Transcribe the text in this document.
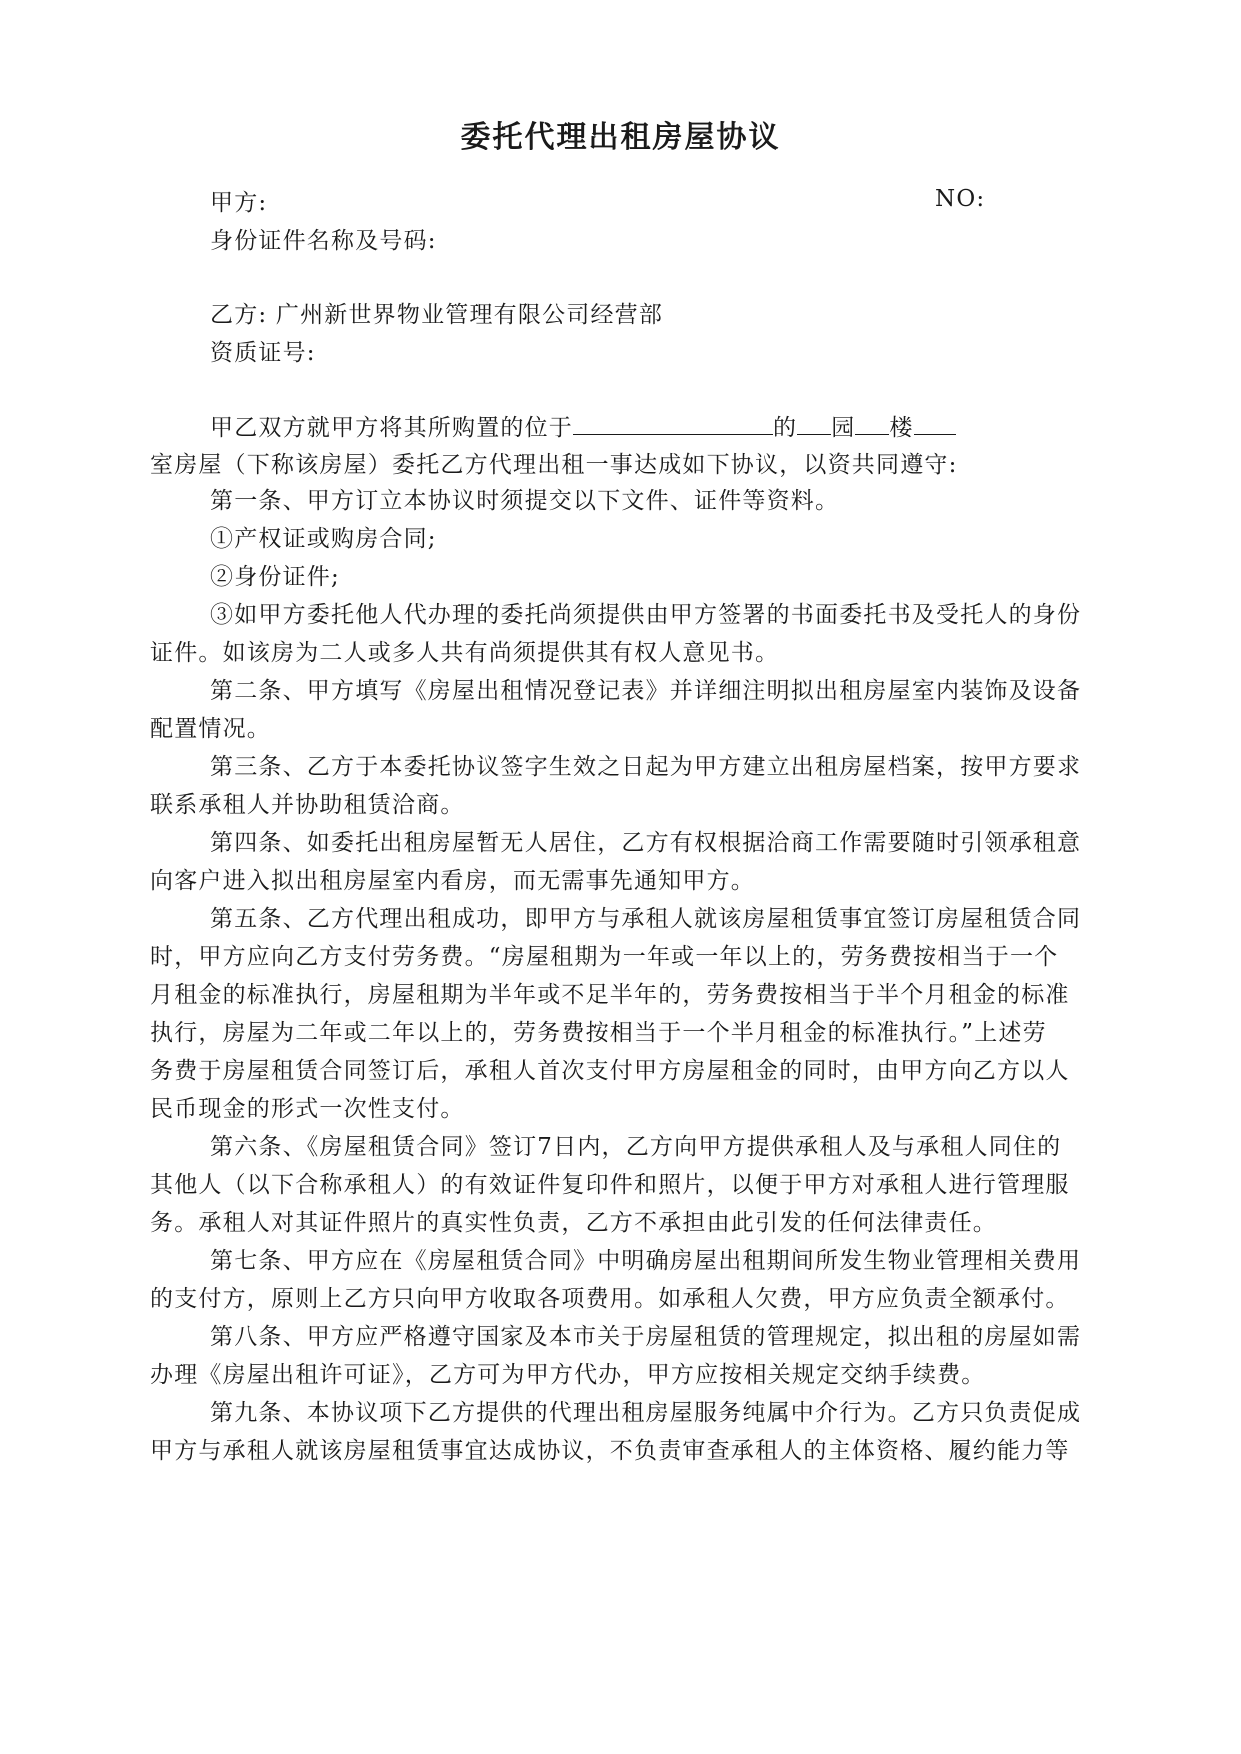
委托代理出租房屋协议
甲方:	NO:
身份证件名称及号码:
乙方: 广州新世界物业管理有限公司经营部
资质证号:
甲乙双方就甲方将其所购置的位于	的 园 楼
室房屋（下称该房屋）委托乙方代理出租一事达成如下协议，以资共同遵守:
第一条、甲方订立本协议时须提交以下文件、证件等资料。
①产权证或购房合同;
②身份证件;
③如甲方委托他人代办理的委托尚须提供由甲方签署的书面委托书及受托人的身份
证件。如该房为二人或多人共有尚须提供其有权人意见书。
第二条、甲方填写《房屋出租情况登记表》并详细注明拟出租房屋室内装饰及设备
配置情况。
第三条、乙方于本委托协议签字生效之日起为甲方建立出租房屋档案，按甲方要求
联系承租人并协助租赁洽商。
第四条、如委托出租房屋暂无人居住，乙方有权根据洽商工作需要随时引领承租意
向客户进入拟出租房屋室内看房，而无需事先通知甲方。
第五条、乙方代理出租成功，即甲方与承租人就该房屋租赁事宜签订房屋租赁合同
时，甲方应向乙方支付劳务费。“房屋租期为一年或一年以上的，劳务费按相当于一个
月租金的标准执行，房屋租期为半年或不足半年的，劳务费按相当于半个月租金的标准
执行，房屋为二年或二年以上的，劳务费按相当于一个半月租金的标准执行。”上述劳
务费于房屋租赁合同签订后，承租人首次支付甲方房屋租金的同时，由甲方向乙方以人
民币现金的形式一次性支付。
第六条、《房屋租赁合同》签订7日内，乙方向甲方提供承租人及与承租人同住的
其他人（以下合称承租人）的有效证件复印件和照片，以便于甲方对承租人进行管理服
务。承租人对其证件照片的真实性负责，乙方不承担由此引发的任何法律责任。
第七条、甲方应在《房屋租赁合同》中明确房屋出租期间所发生物业管理相关费用
的支付方，原则上乙方只向甲方收取各项费用。如承租人欠费，甲方应负责全额承付。
第八条、甲方应严格遵守国家及本市关于房屋租赁的管理规定，拟出租的房屋如需
办理《房屋出租许可证》，乙方可为甲方代办，甲方应按相关规定交纳手续费。
第九条、本协议项下乙方提供的代理出租房屋服务纯属中介行为。乙方只负责促成
甲方与承租人就该房屋租赁事宜达成协议，不负责审查承租人的主体资格、履约能力等
